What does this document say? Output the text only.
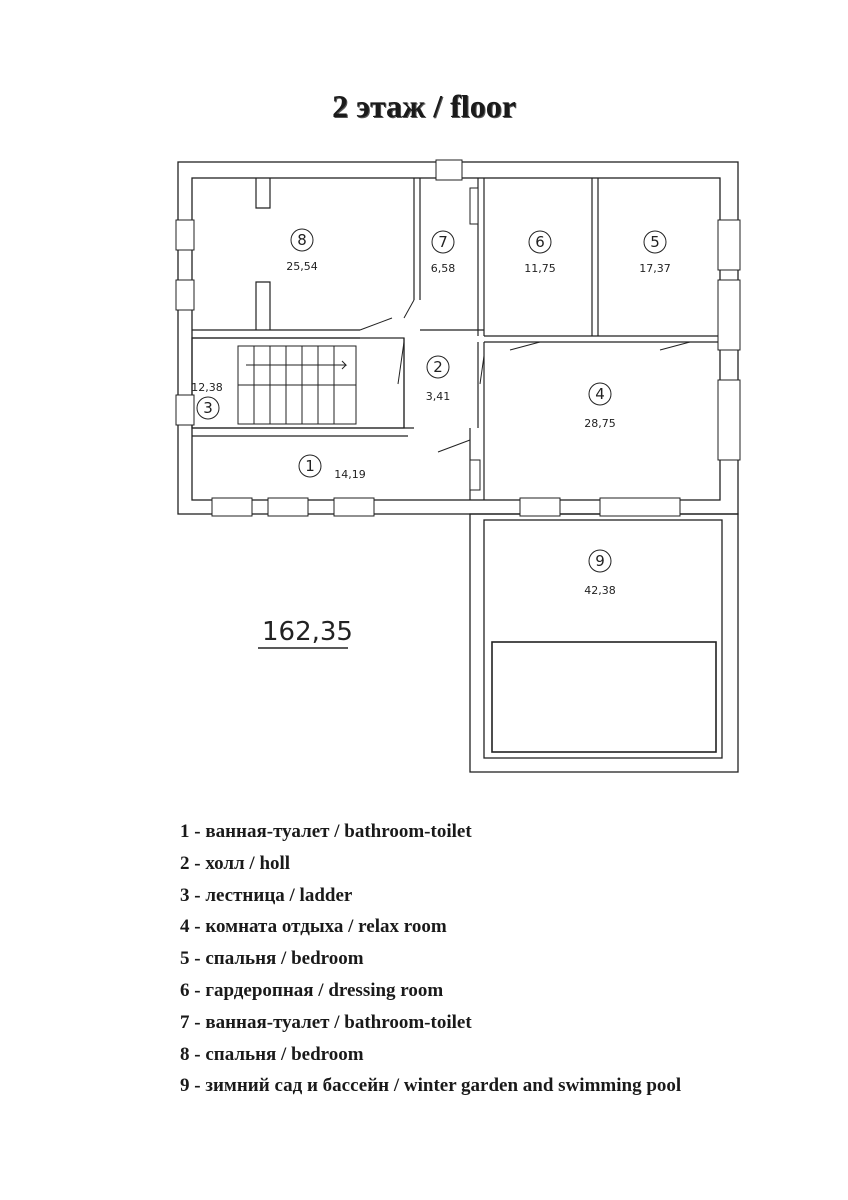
2 этаж / floor
8
25,54
7
6,58
6
11,75
5
17,37
2
3,41
3
12,38	4
28,75
1 14,19
9
42,38
162,35
1 - ванная-туалет / bathroom-toilet
2 - холл / holl
3 - лестница / ladder
4 - комната отдыха / relax room
5 - спальня / bedroom
6 - гардеропная / dressing room
7 - ванная-туалет / bathroom-toilet
8 - спальня / bedroom
9 - зимний сад и бассейн / winter garden and swimming pool
